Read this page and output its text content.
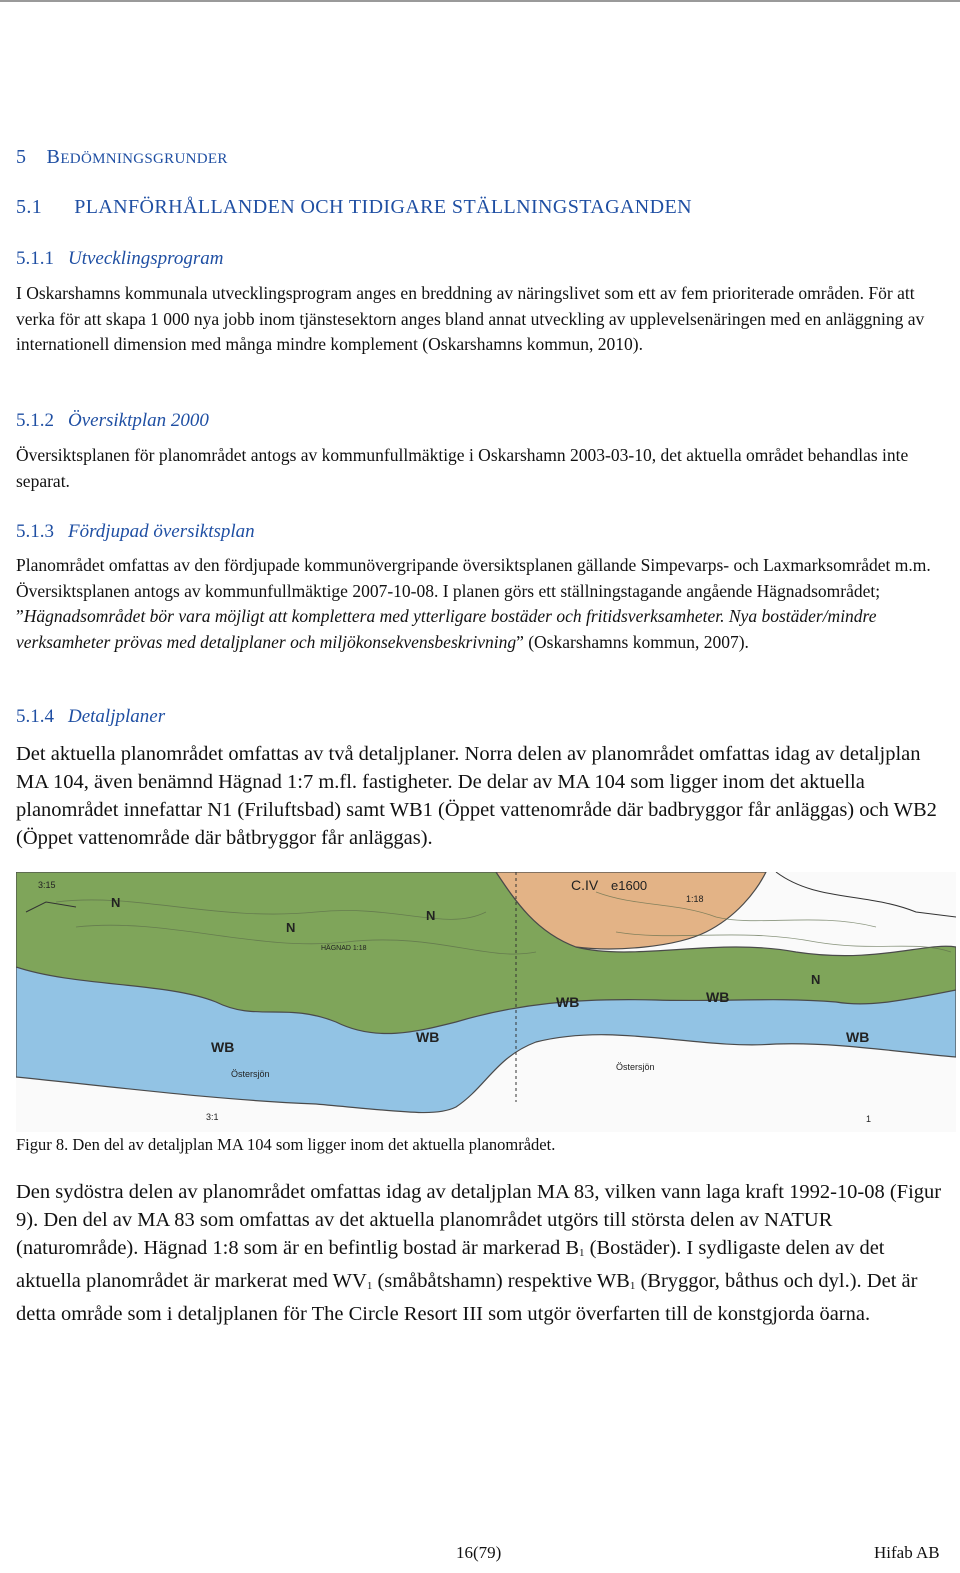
5 BEDÖMNINGSGRUNDER
5.1 PLANFÖRHÅLLANDEN OCH TIDIGARE STÄLLNINGSTAGANDEN
5.1.1 Utvecklingsprogram

I Oskarshamns kommunala utvecklingsprogram anges en breddning av näringslivet som ett av fem prioriterade områden. För att verka för att skapa 1 000 nya jobb inom tjänstesektorn anges bland annat utveckling av upplevelsenäringen med en anläggning av internationell dimension med många mindre komplement (Oskarshamns kommun, 2010).

5.1.2 Översiktplan 2000

Översiktsplanen för planområdet antogs av kommunfullmäktige i Oskarshamn 2003-03-10, det aktuella området behandlas inte separat.

5.1.3 Fördjupad översiktsplan

Planområdet omfattas av den fördjupade kommunövergripande översiktsplanen gällande Simpevarps- och Laxmarksområdet m.m. Översiktsplanen antogs av kommunfullmäktige 2007-10-08. I planen görs ett ställningstagande angående Hägnadsområdet; ”Hägnadsområdet bör vara möjligt att komplettera med ytterligare bostäder och fritidsverksamheter. Nya bostäder/mindre verksamheter prövas med detaljplaner och miljökonsekvensbeskrivning” (Oskarshamns kommun, 2007).

5.1.4 Detaljplaner

Det aktuella planområdet omfattas av två detaljplaner. Norra delen av planområdet omfattas idag av detaljplan MA 104, även benämnd Hägnad 1:7 m.fl. fastigheter. De delar av MA 104 som ligger inom det aktuella planområdet innefattar N1 (Friluftsbad) samt WB1 (Öppet vattenområde där badbryggor får anläggas) och WB2 (Öppet vattenområde där båtbryggor får anläggas).

N
N
N
N
WB
WB
WB	WB
WB
C.IV e1600
Östersjön
Östersjön
HÄGNAD 1:18
3:15
3:1
1:18
1
Figur 8. Den del av detaljplan MA 104 som ligger inom det aktuella planområdet.

Den sydöstra delen av planområdet omfattas idag av detaljplan MA 83, vilken vann laga kraft 1992-10-08 (Figur 9). Den del av MA 83 som omfattas av det aktuella planområdet utgörs till största delen av NATUR (naturområde). Hägnad 1:8 som är en befintlig bostad är markerad $B_1$ (Bostäder). I sydligaste delen av det aktuella planområdet är markerat med $WV_1$ (småbåtshamn) respektive $WB_1$ (Bryggor, båthus och dyl.). Det är detta område som i detaljplanen för The Circle Resort III som utgör överfarten till de konstgjorda öarna.

16(79)	Hifab AB
